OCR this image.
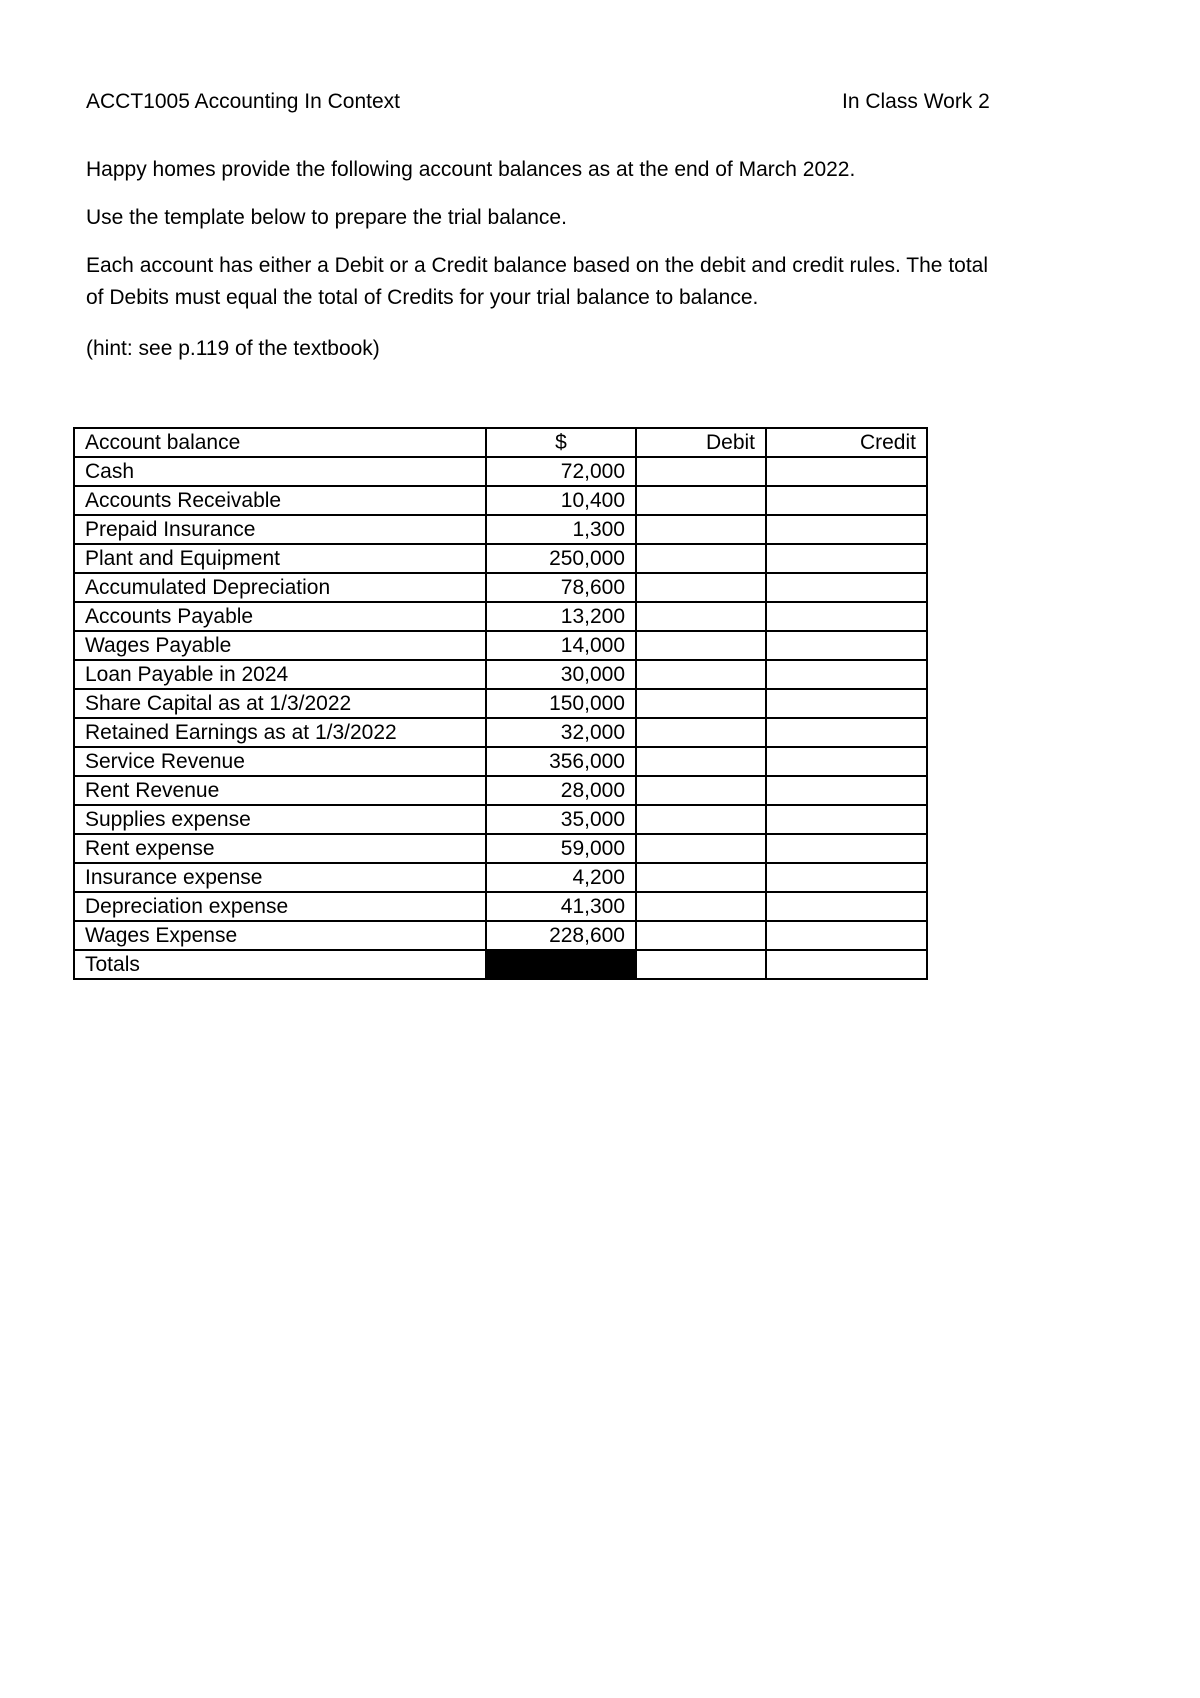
ACCT1005 Accounting In Context	In Class Work 2
Happy homes provide the following account balances as at the end of March 2022.
Use the template below to prepare the trial balance.
Each account has either a Debit or a Credit balance based on the debit and credit rules. The total of Debits must equal the total of Credits for your trial balance to balance.
(hint: see p.119 of the textbook)
Account balance	$	Debit	Credit
Cash	72,000		
Accounts Receivable	10,400		
Prepaid Insurance	1,300		
Plant and Equipment	250,000		
Accumulated Depreciation	78,600		
Accounts Payable	13,200		
Wages Payable	14,000		
Loan Payable in 2024	30,000		
Share Capital as at 1/3/2022	150,000		
Retained Earnings as at 1/3/2022	32,000		
Service Revenue	356,000		
Rent Revenue	28,000		
Supplies expense	35,000		
Rent expense	59,000		
Insurance expense	4,200		
Depreciation expense	41,300		
Wages Expense	228,600		
Totals			
